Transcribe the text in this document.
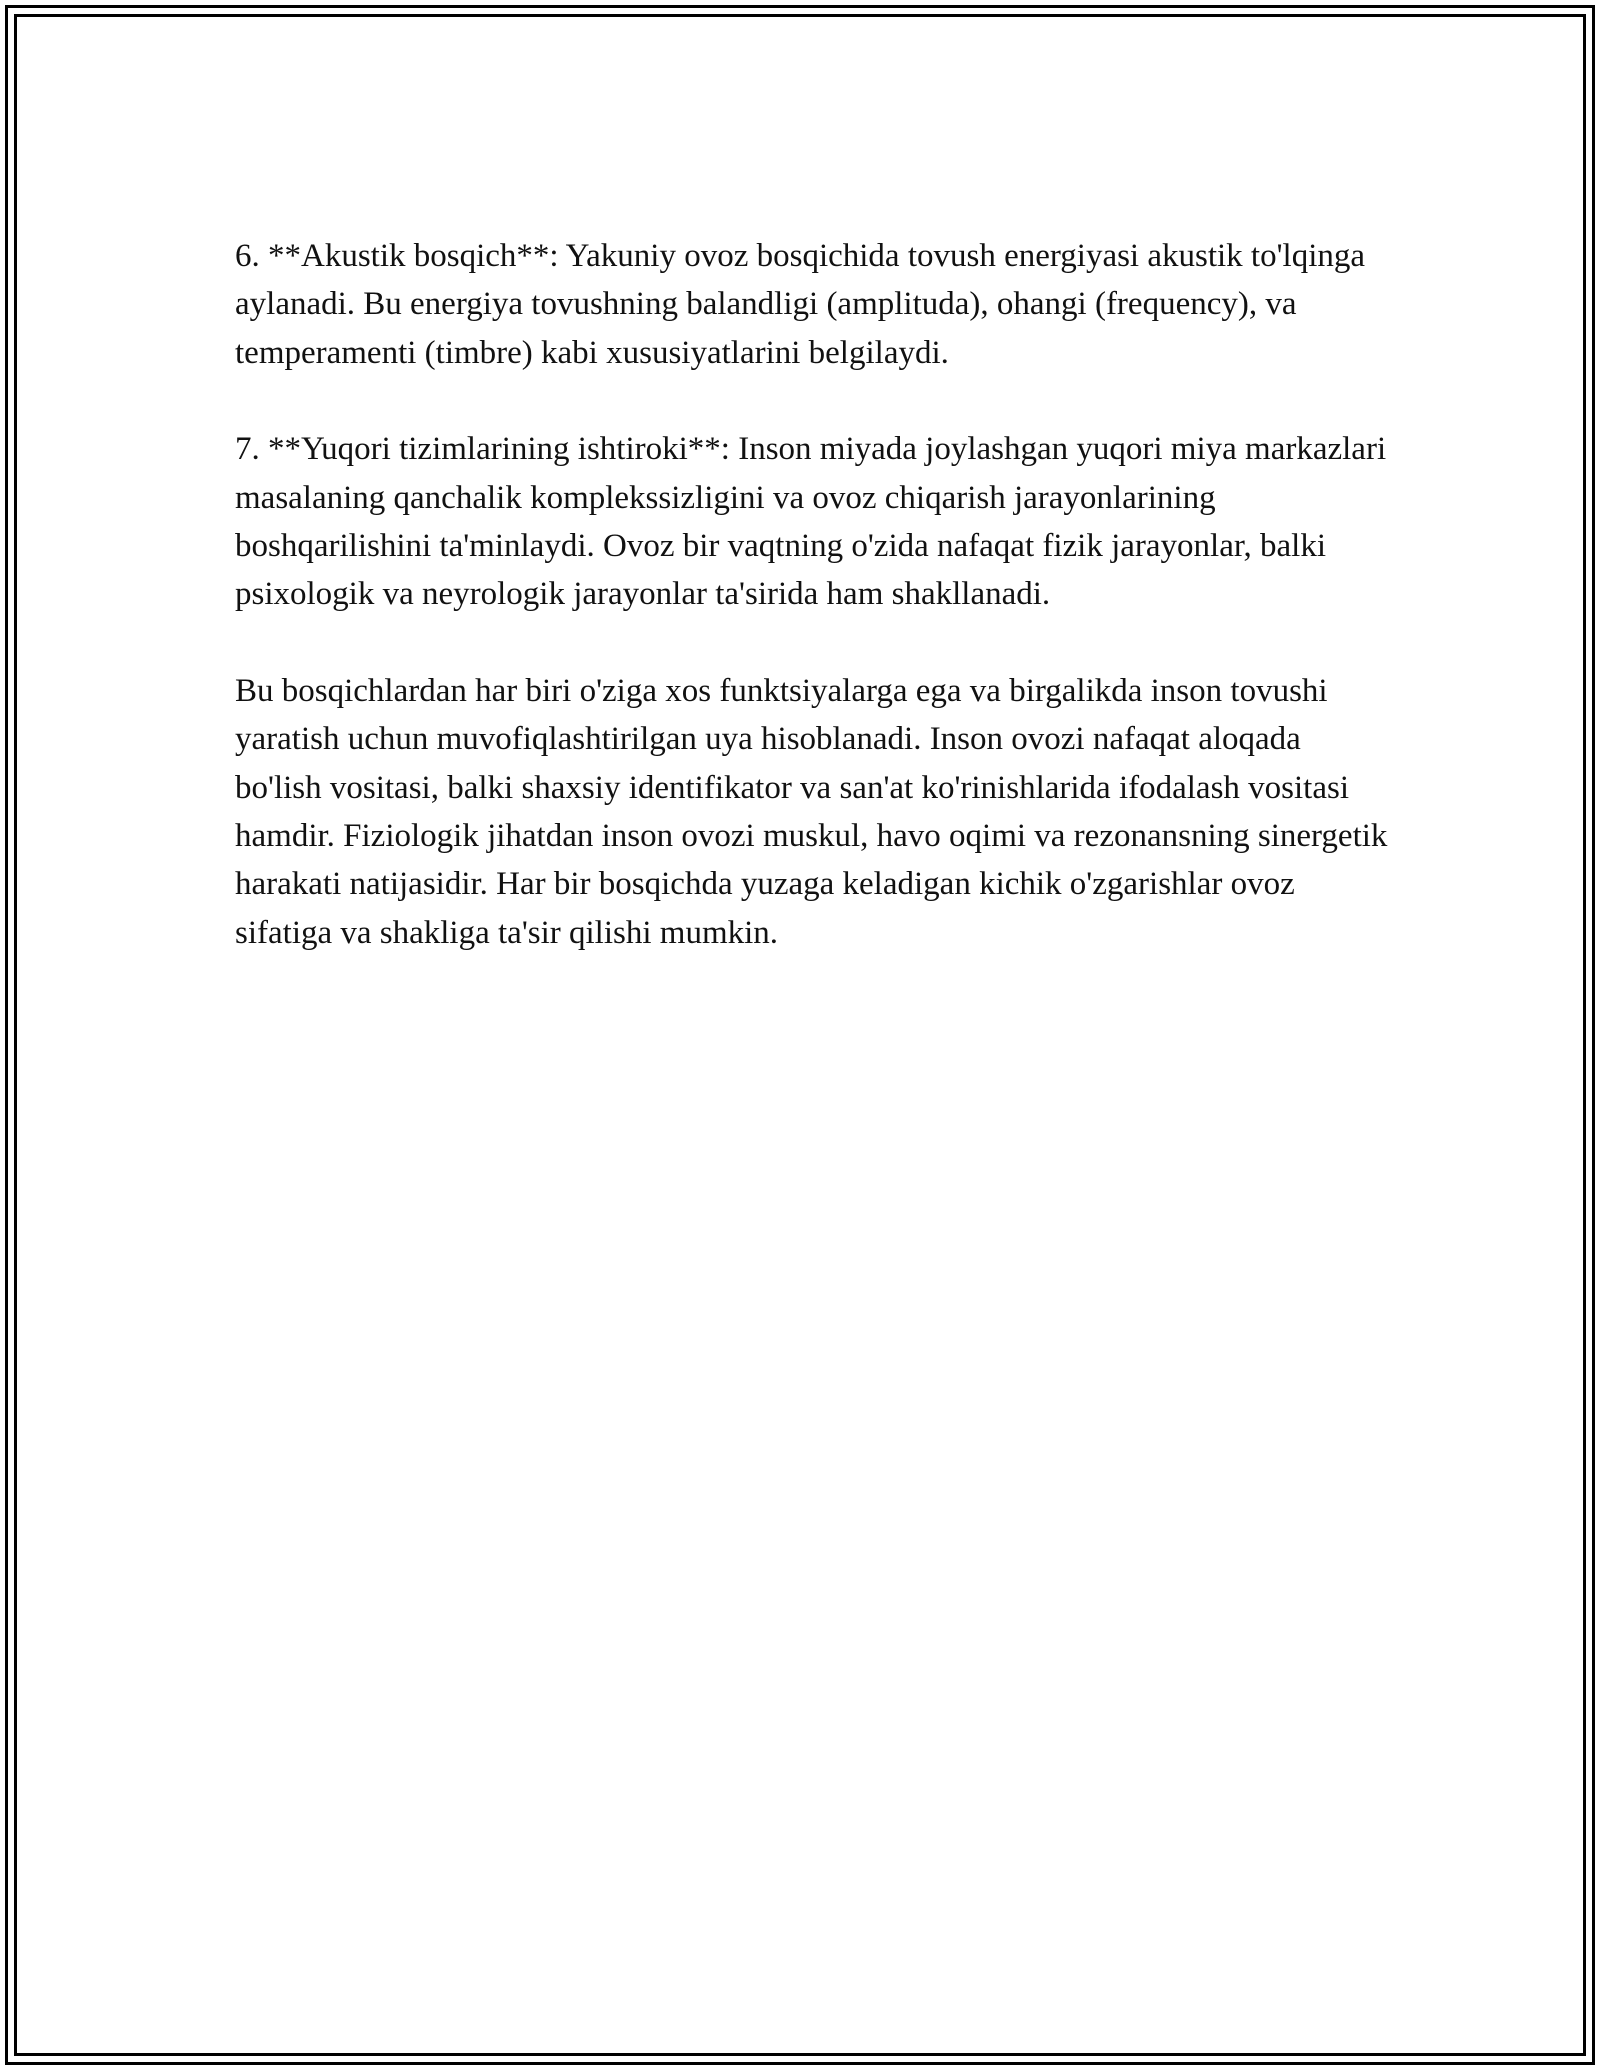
6. **Akustik bosqich**: Yakuniy ovoz bosqichida tovush energiyasi akustik to'lqinga aylanadi. Bu energiya tovushning balandligi (amplituda), ohangi (frequency), va temperamenti (timbre) kabi xususiyatlarini belgilaydi.

7. **Yuqori tizimlarining ishtiroki**: Inson miyada joylashgan yuqori miya markazlari masalaning qanchalik komplekssizligini va ovoz chiqarish jarayonlarining boshqarilishini ta'minlaydi. Ovoz bir vaqtning o'zida nafaqat fizik jarayonlar, balki psixologik va neyrologik jarayonlar ta'sirida ham shakllanadi.

Bu bosqichlardan har biri o'ziga xos funktsiyalarga ega va birgalikda inson tovushi yaratish uchun muvofiqlashtirilgan uya hisoblanadi. Inson ovozi nafaqat aloqada bo'lish vositasi, balki shaxsiy identifikator va san'at ko'rinishlarida ifodalash vositasi hamdir. Fiziologik jihatdan inson ovozi muskul, havo oqimi va rezonansning sinergetik harakati natijasidir. Har bir bosqichda yuzaga keladigan kichik o'zgarishlar ovoz sifatiga va shakliga ta'sir qilishi mumkin.
